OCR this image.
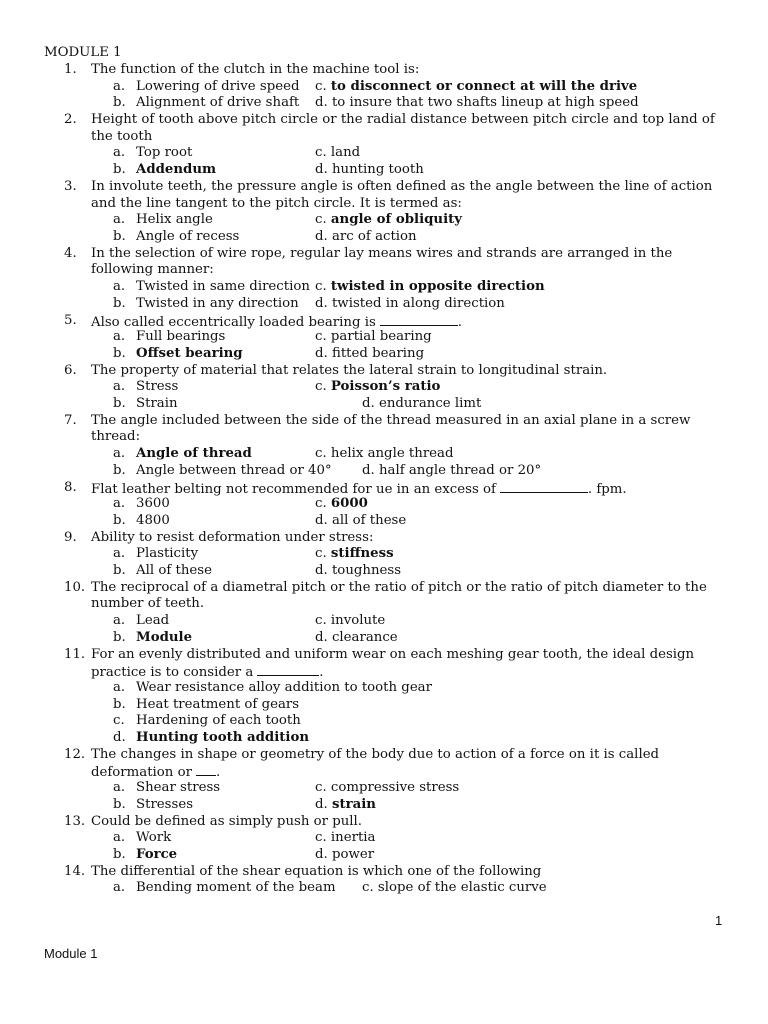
MODULE 1
1. The function of the clutch in the machine tool is:
a. Lowering of drive speed c. to disconnect or connect at will the drive
b. Alignment of drive shaft d. to insure that two shafts lineup at high speed
2. Height of tooth above pitch circle or the radial distance between pitch circle and top land of
the tooth
a. Top root	c. land
b. Addendum	d. hunting tooth
3. In involute teeth, the pressure angle is often defined as the angle between the line of action
and the line tangent to the pitch circle. It is termed as:
a. Helix angle	c. angle of obliquity
b. Angle of recess	d. arc of action
4. In the selection of wire rope, regular lay means wires and strands are arranged in the
following manner:
a. Twisted in same direction c. twisted in opposite direction
b. Twisted in any direction d. twisted in along direction
5. Also called eccentrically loaded bearing is	.
a. Full bearings	c. partial bearing
b. Offset bearing	d. fitted bearing
6. The property of material that relates the lateral strain to longitudinal strain.
a. Stress	c. Poisson’s ratio
b. Strain	d. endurance limt
7. The angle included between the side of the thread measured in an axial plane in a screw
thread:
a. Angle of thread	c. helix angle thread
b. Angle between thread or 40° d. half angle thread or 20°
8. Flat leather belting not recommended for ue in an excess of	. fpm.
a. 3600	c. 6000
b. 4800	d. all of these
9. Ability to resist deformation under stress:
a. Plasticity	c. stiffness
b. All of these	d. toughness
10. The reciprocal of a diametral pitch or the ratio of pitch or the ratio of pitch diameter to the
number of teeth.
a. Lead	c. involute
b. Module	d. clearance
11. For an evenly distributed and uniform wear on each meshing gear tooth, the ideal design
practice is to consider a	.
a. Wear resistance alloy addition to tooth gear
b. Heat treatment of gears
c. Hardening of each tooth
d. Hunting tooth addition
12. The changes in shape or geometry of the body due to action of a force on it is called
deformation or .
a. Shear stress	c. compressive stress
b. Stresses	d. strain
13. Could be defined as simply push or pull.
a. Work	c. inertia
b. Force	d. power
14. The differential of the shear equation is which one of the following
a. Bending moment of the beam c. slope of the elastic curve
1
Module 1
